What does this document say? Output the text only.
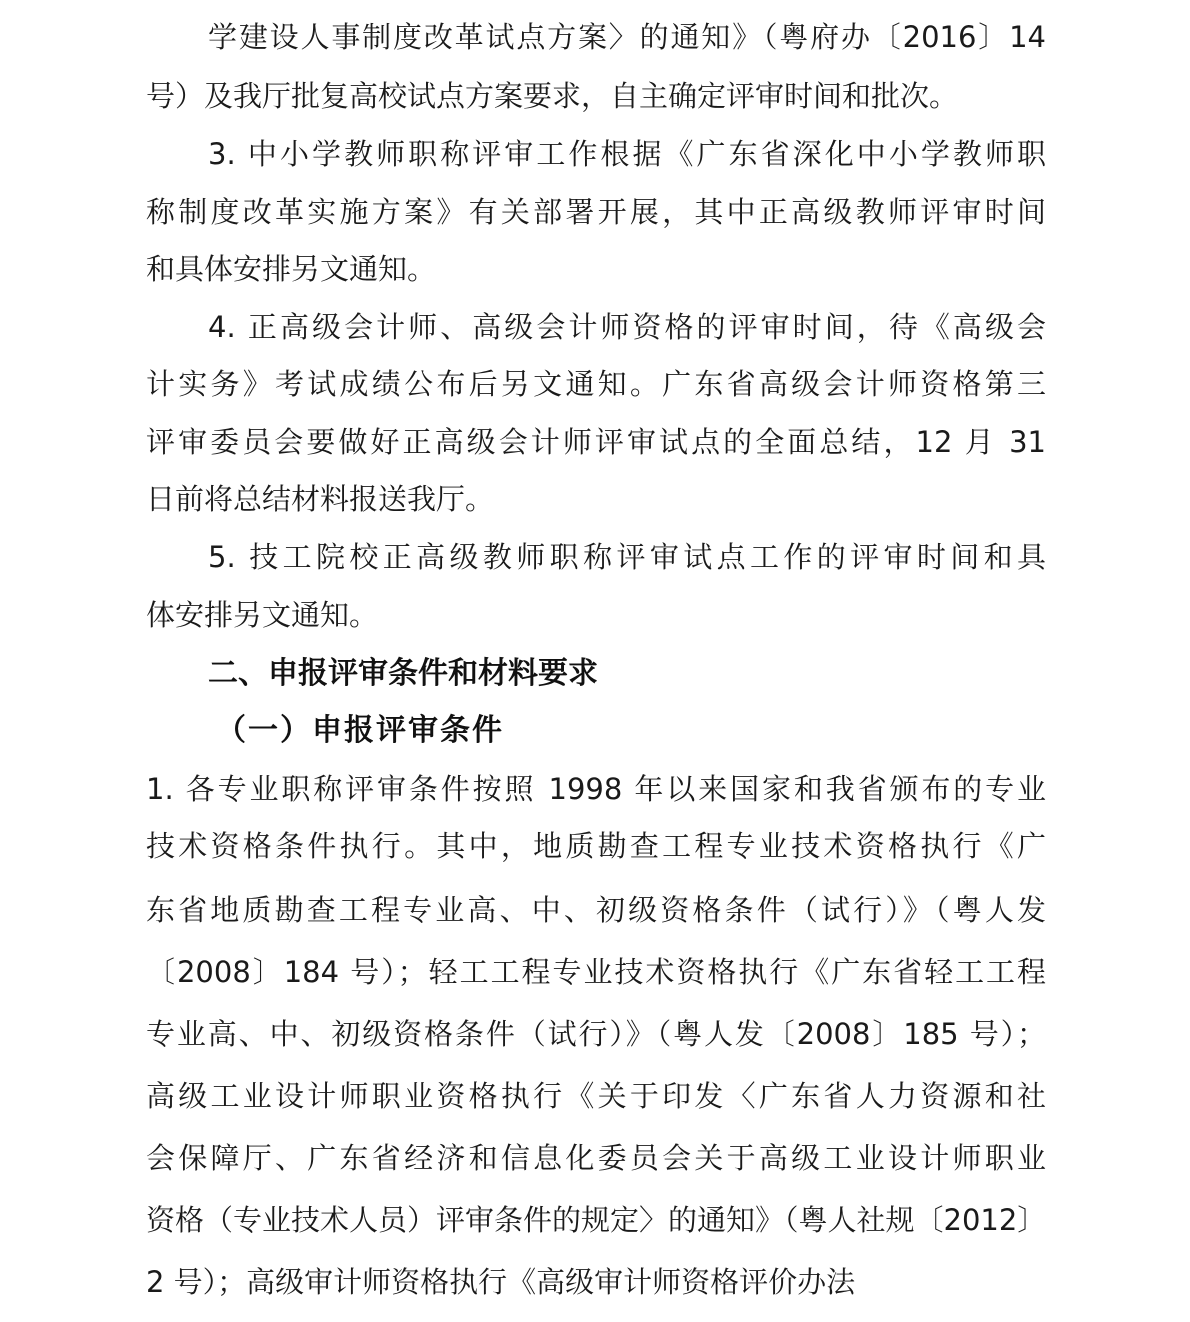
学建设人事制度改革试点方案〉的通知》（粤府办〔2016〕14
号）及我厅批复高校试点方案要求，自主确定评审时间和批次。
3. 中小学教师职称评审工作根据《广东省深化中小学教师职
称制度改革实施方案》有关部署开展，其中正高级教师评审时间
和具体安排另文通知。
4. 正高级会计师、高级会计师资格的评审时间，待《高级会
计实务》考试成绩公布后另文通知。广东省高级会计师资格第三
评审委员会要做好正高级会计师评审试点的全面总结，12 月 31
日前将总结材料报送我厅。
5. 技工院校正高级教师职称评审试点工作的评审时间和具
体安排另文通知。
二、申报评审条件和材料要求
（一）申报评审条件
1. 各专业职称评审条件按照 1998 年以来国家和我省颁布的专业
技术资格条件执行。其中，地质勘查工程专业技术资格执行《广
东省地质勘查工程专业高、中、初级资格条件（试行）》（粤人发
〔2008〕184 号）；轻工工程专业技术资格执行《广东省轻工工程
专业高、中、初级资格条件（试行）》（粤人发〔2008〕185 号）；
高级工业设计师职业资格执行《关于印发〈广东省人力资源和社
会保障厅、广东省经济和信息化委员会关于高级工业设计师职业
资格（专业技术人员）评审条件的规定〉的通知》（粤人社规〔2012〕
2 号）；高级审计师资格执行《高级审计师资格评价办法
